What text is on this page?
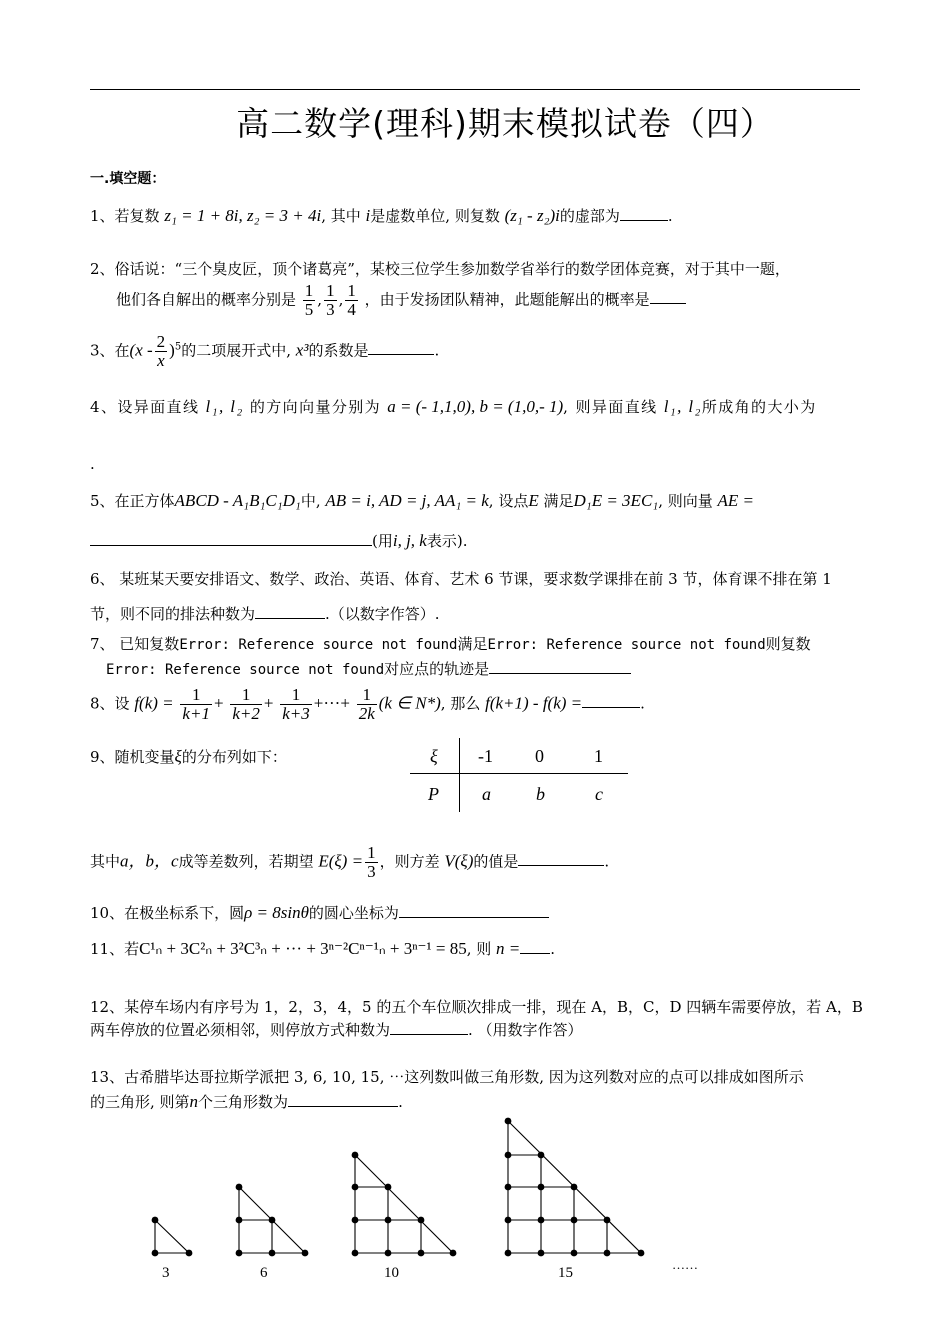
高二数学(理科)期末模拟试卷（四）
一.填空题：
1、若复数 z₁ = 1 + 8i, z₂ = 3 + 4i, 其中 i是虚数单位, 则复数 (z₁ - z₂)i的虚部为	.
2、俗话说：“三个臭皮匠，顶个诸葛亮”，某校三位学生参加数学省举行的数学团体竞赛，对于其中一题，
他们各自解出的概率分别是 $\frac{1}{5}$ , $\frac{1}{3}$ , $\frac{1}{4}$ ，由于发扬团队精神，此题能解出的概率是
3、在$(x - \frac{2}{x} )^5$的二项展开式中, x³的系数是	.
4、设异面直线 l₁, l₂ 的方向向量分别为 a = (- 1,1,0), b = (1,0,- 1), 则异面直线 l₁, l₂所成角的大小为
.
5、在正方体ABCD - A₁B₁C₁D₁中, AB = i, AD = j, AA₁ = k, 设点E 满足D₁E = 3EC₁, 则向量 AE =
(用i, j, k表示).
6、 某班某天要安排语文、数学、政治、英语、体育、艺术 6 节课，要求数学课排在前 3 节，体育课不排在第 1
节，则不同的排法种数为	.（以数字作答）.
7、 已知复数Error: Reference source not found满足Error: Reference source not found则复数
Error: Reference source not found对应点的轨迹是
8、设 $f(k) = \frac{1}{k+1} + \frac{1}{k+2} + \frac{1}{k+3}$ +···+ $\frac{1}{2k} (k$ ∈ N*), 那么 f(k+1) - f(k) =	.
9、随机变量ξ的分布列如下：	ξ -1 0	1
P a	b	c
其中a，b，c成等差数列，若期望 $E(\xi) = \frac{1}{3}$ ，则方差 V(ξ)的值是	.
10、在极坐标系下，圆ρ = 8sinθ的圆心坐标为
11、若C¹ₙ + 3C²ₙ + 3²C³ₙ + ··· + 3ⁿ⁻²Cⁿ⁻¹ₙ + 3ⁿ⁻¹ = 85, 则 n = .
12、某停车场内有序号为 1，2，3，4，5 的五个车位顺次排成一排，现在 A，B，C，D 四辆车需要停放，若 A，B
两车停放的位置必须相邻，则停放方式种数为	. （用数字作答）
13、古希腊毕达哥拉斯学派把 3, 6, 10, 15, ⋯这列数叫做三角形数, 因为这列数对应的点可以排成如图所示
的三角形, 则第n个三角形数为	.
3	6	10	15
……
